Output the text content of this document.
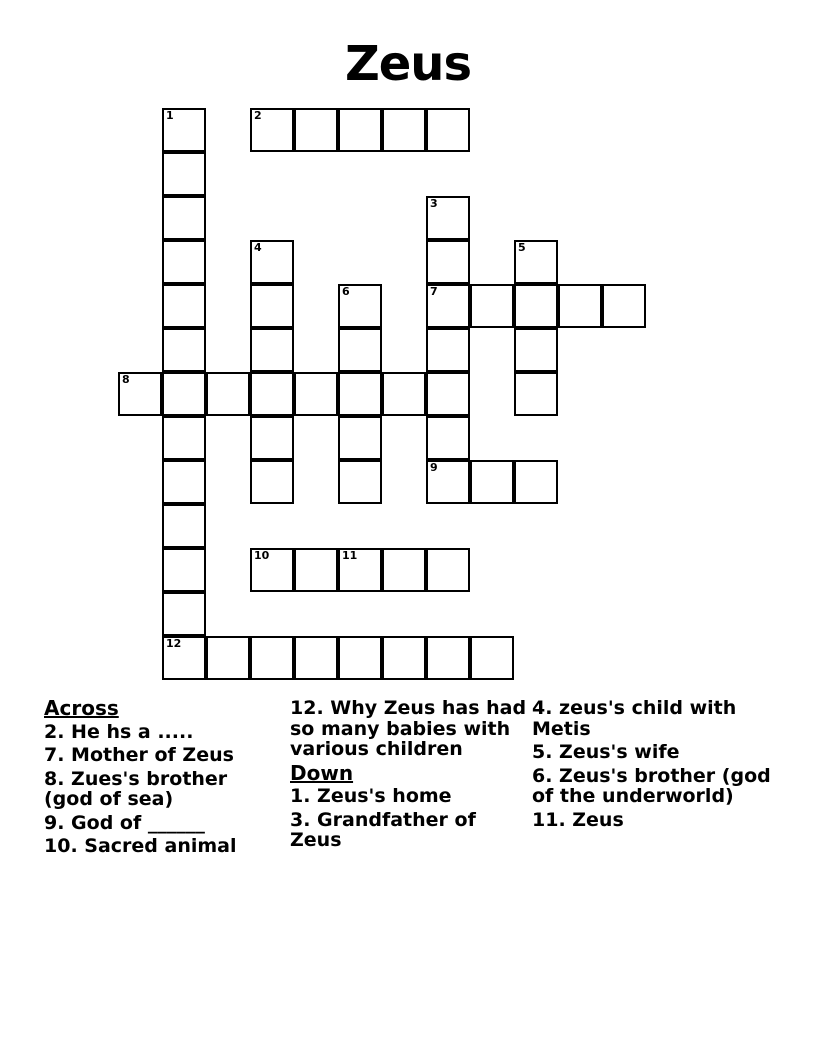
Zeus
1	2
3
4	5
6	7
8
9
10	11
12

Across

2. He hs a .....

7. Mother of Zeus

8. Zues's brother (god of sea)

9. God of ______

10. Sacred animal

12. Why Zeus has had so many babies with various children

Down

1. Zeus's home

3. Grandfather of Zeus

4. zeus's child with Metis

5. Zeus's wife

6. Zeus's brother (god of the underworld)

11. Zeus
